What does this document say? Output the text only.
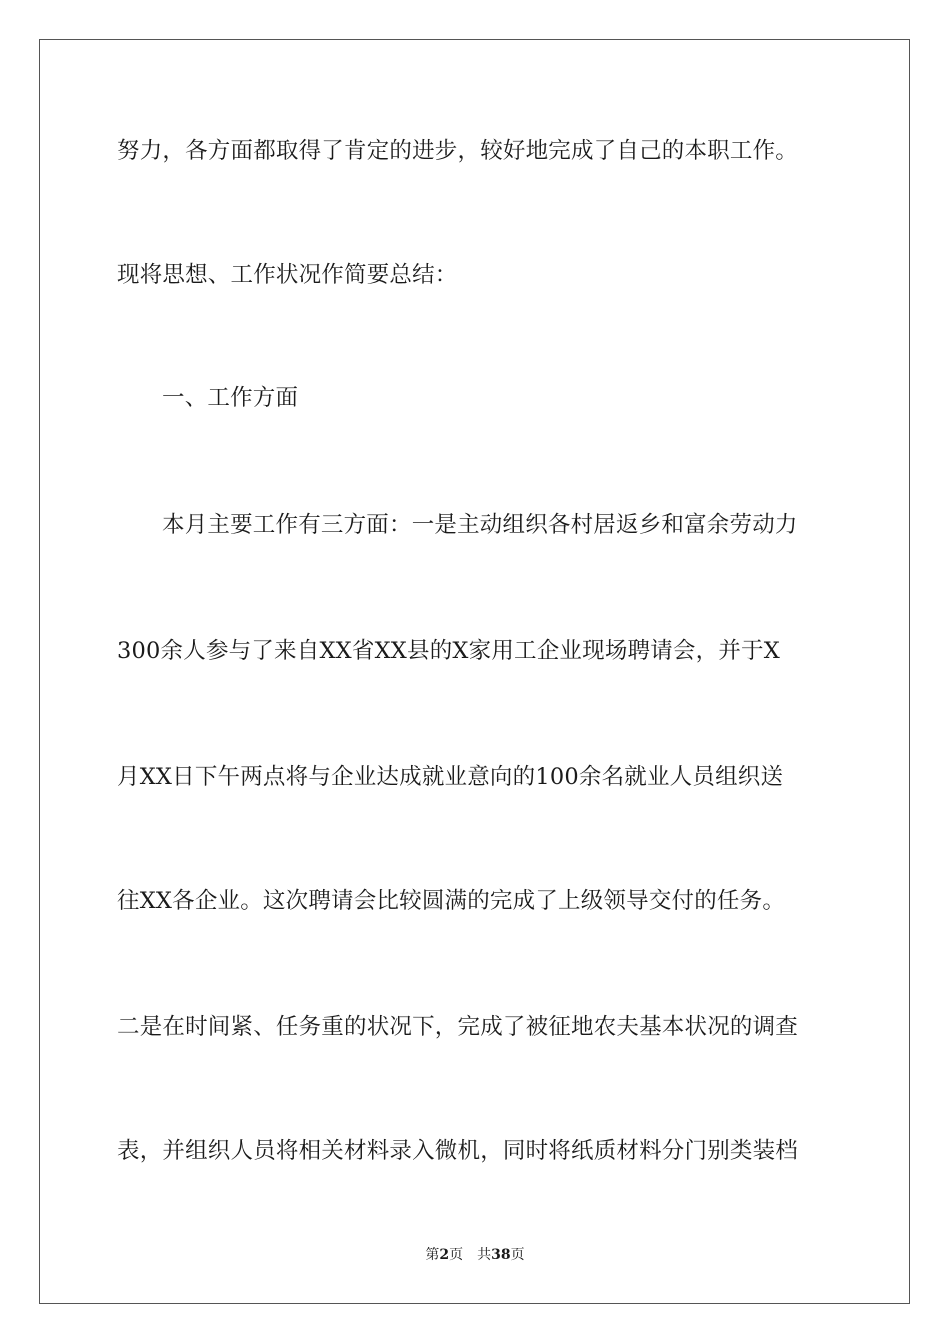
努力，各方面都取得了肯定的进步，较好地完成了自己的本职工作。
现将思想、工作状况作简要总结：
一、工作方面
本月主要工作有三方面：一是主动组织各村居返乡和富余劳动力
300余人参与了来自XX省XX县的X家用工企业现场聘请会，并于X
月XX日下午两点将与企业达成就业意向的100余名就业人员组织送
往XX各企业。这次聘请会比较圆满的完成了上级领导交付的任务。
二是在时间紧、任务重的状况下，完成了被征地农夫基本状况的调查
表，并组织人员将相关材料录入微机，同时将纸质材料分门别类装档
第2页 共38页
